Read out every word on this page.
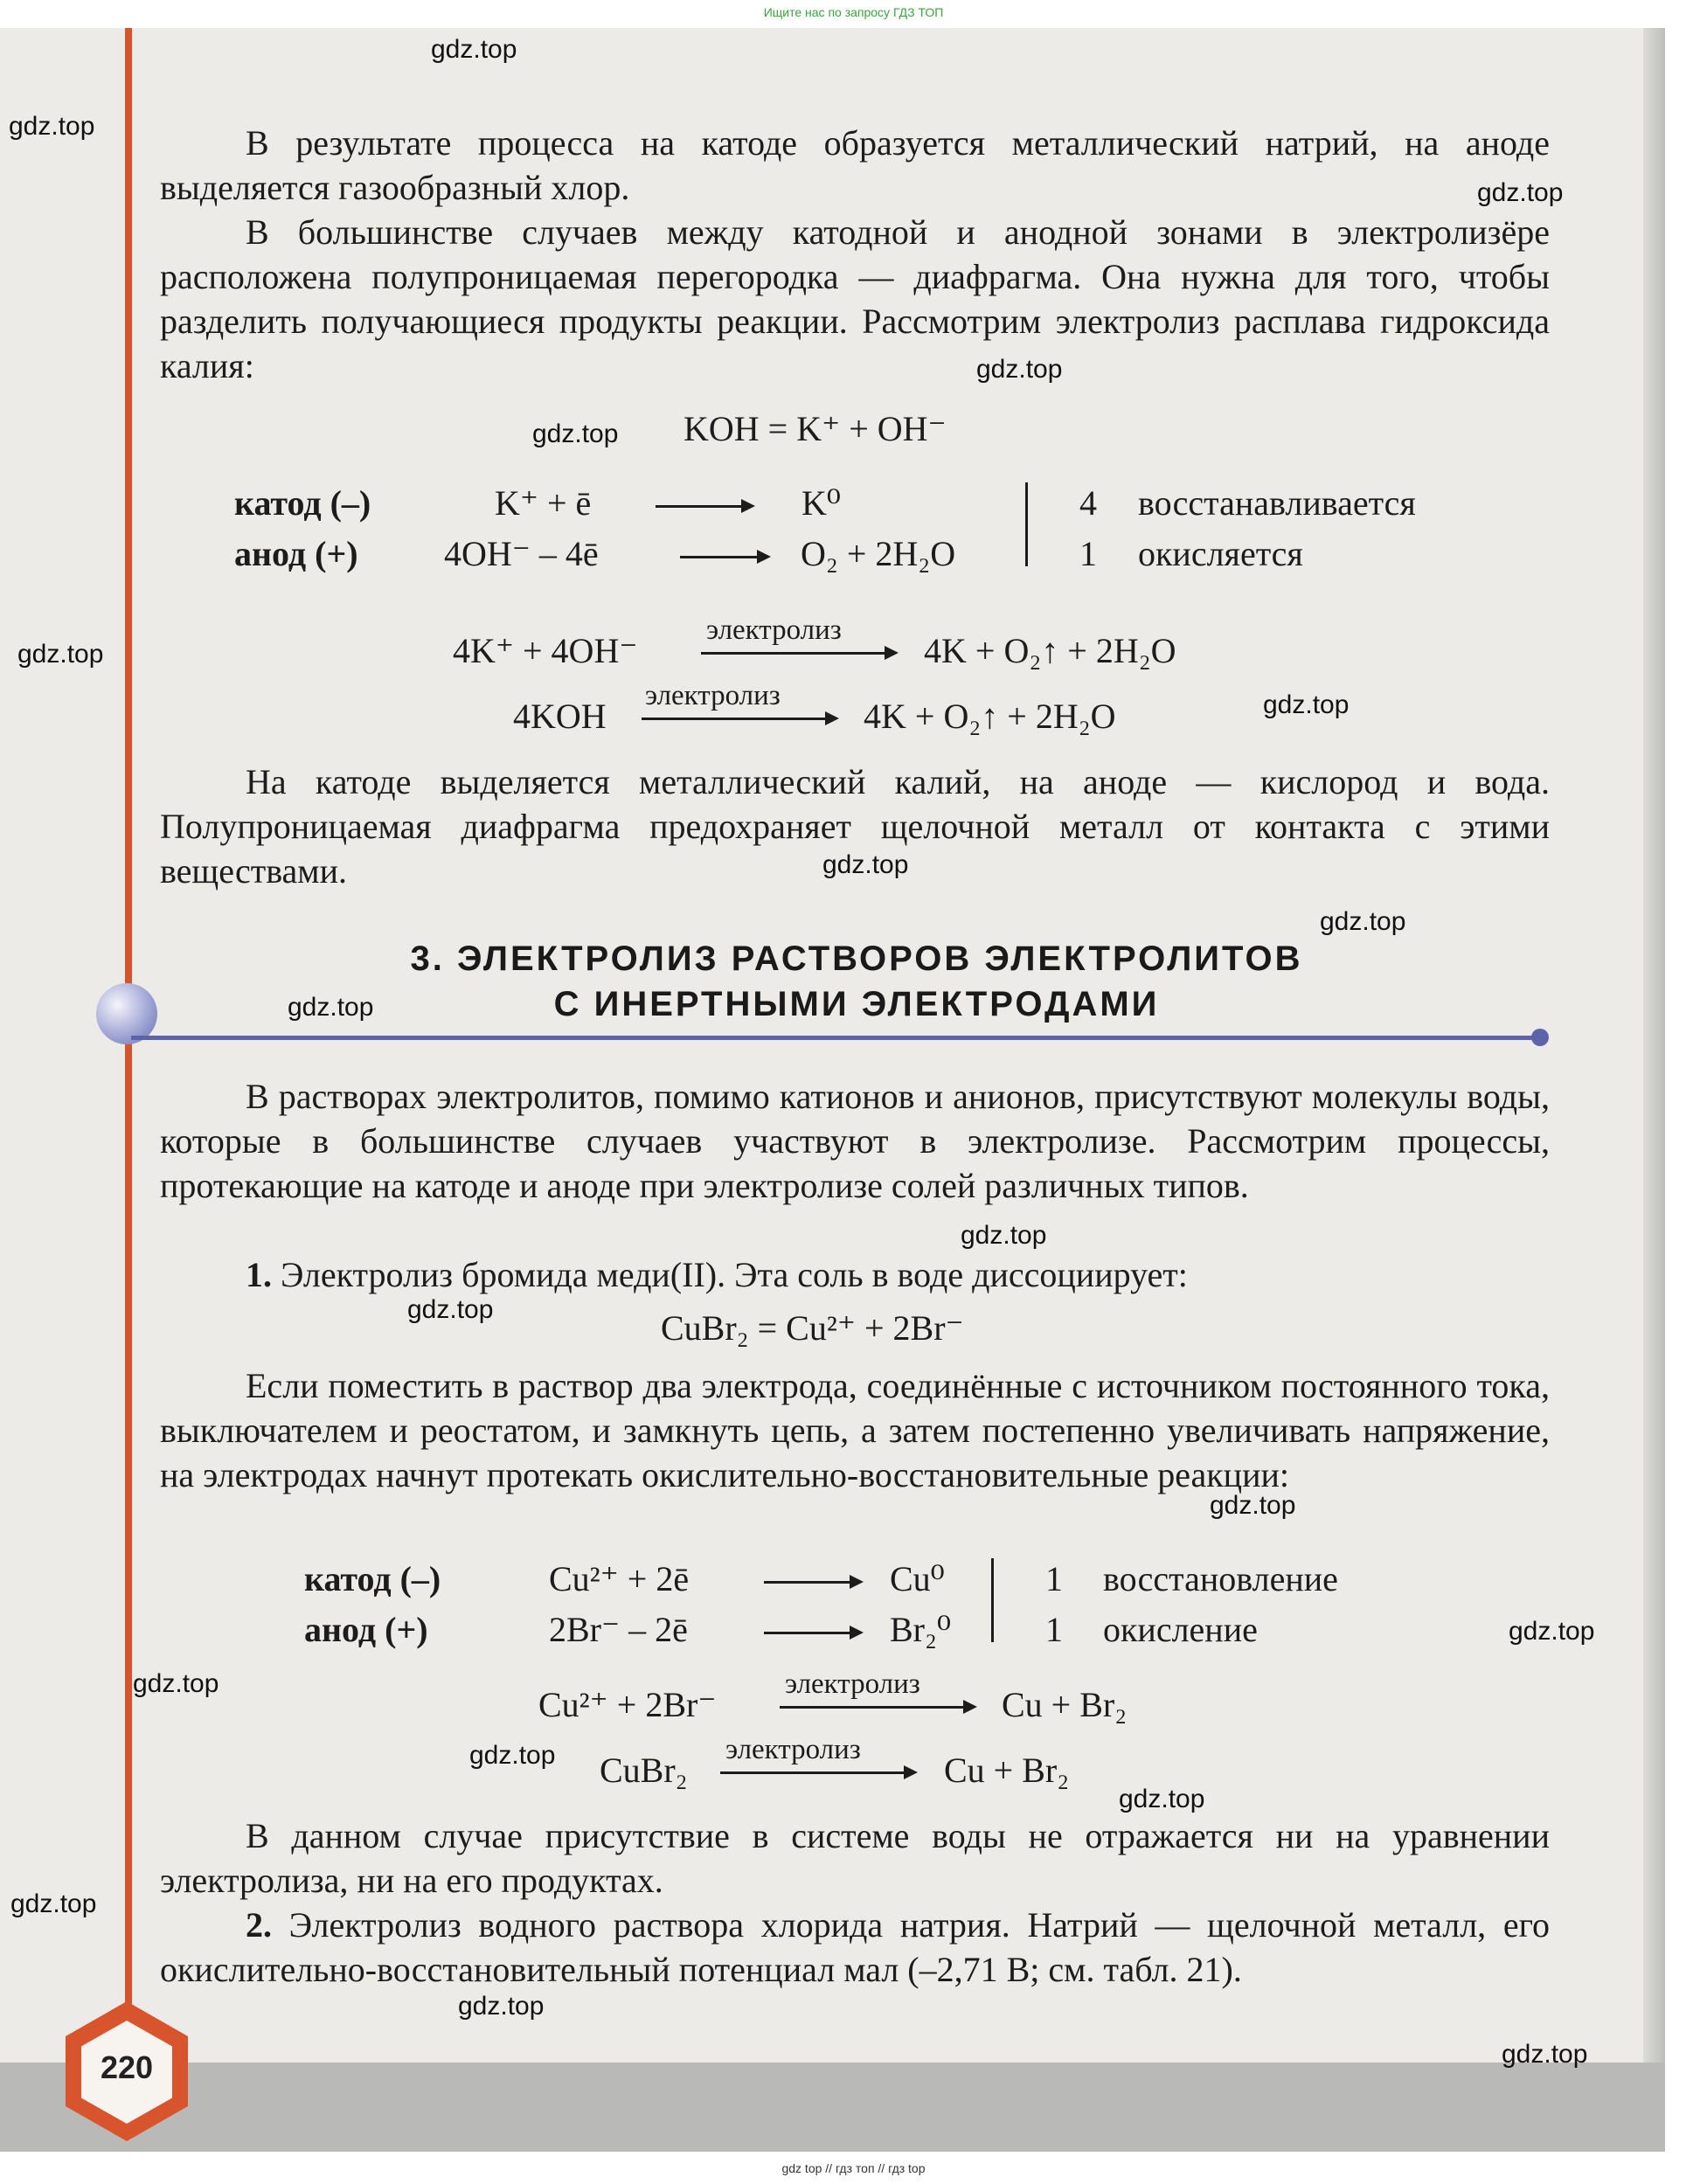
Ищите нас по запросу ГДЗ ТОП

В результате процесса на катоде образуется металлический натрий, на аноде выделяется газообразный хлор.

В большинстве случаев между катодной и анодной зонами в электролизёре расположена полупроницаемая перегородка — диафрагма. Она нужна для того, чтобы разделить получающиеся продукты реакции. Рассмотрим электролиз расплава гидроксида калия:

KOH = K⁺ + OH⁻
катод (–)	K⁺ + ē	K⁰	4 восстанавливается
анод (+) 4OH⁻ – 4ē	O₂ + 2H₂O	1 окисляется
4K⁺ + 4OH⁻
электролиз
4K + O₂↑ + 2H₂O
4KOH
электролиз
4K + O₂↑ + 2H₂O

На катоде выделяется металлический калий, на аноде — кислород и вода. Полупроницаемая диафрагма предохраняет щелочной металл от контакта с этими веществами.

3. ЭЛЕКТРОЛИЗ РАСТВОРОВ ЭЛЕКТРОЛИТОВ
С ИНЕРТНЫМИ ЭЛЕКТРОДАМИ

В растворах электролитов, помимо катионов и анионов, присутствуют молекулы воды, которые в большинстве случаев участвуют в электролизе. Рассмотрим процессы, протекающие на катоде и аноде при электролизе солей различных типов.

1. Электролиз бромида меди(II). Эта соль в воде диссоциирует:

CuBr₂ = Cu²⁺ + 2Br⁻

Если поместить в раствор два электрода, соединённые с источником постоянного тока, выключателем и реостатом, и замкнуть цепь, а затем постепенно увеличивать напряжение, на электродах начнут протекать окислительно-восстановительные реакции:

катод (–)	Cu²⁺ + 2ē	Cu⁰	1 восстановление
анод (+)	2Br⁻ – 2ē	Br₂⁰	1 окисление
Cu²⁺ + 2Br⁻
электролиз
Cu + Br₂
CuBr₂
электролиз
Cu + Br₂

В данном случае присутствие в системе воды не отражается ни на уравнении электролиза, ни на его продуктах.

2. Электролиз водного раствора хлорида натрия. Натрий — щелочной металл, его окислительно-восстановительный потенциал мал (–2,71 В; см. табл. 21).

220
gdz.top
gdz.top
gdz.top
gdz.top
gdz.top
gdz.top
gdz.top
gdz.top
gdz.top
gdz.top
gdz.top
gdz.top
gdz.top
gdz.top
gdz.top
gdz.top
gdz.top
gdz.top
gdz.top
gdz.top
gdz top // гдз топ // гдз top
